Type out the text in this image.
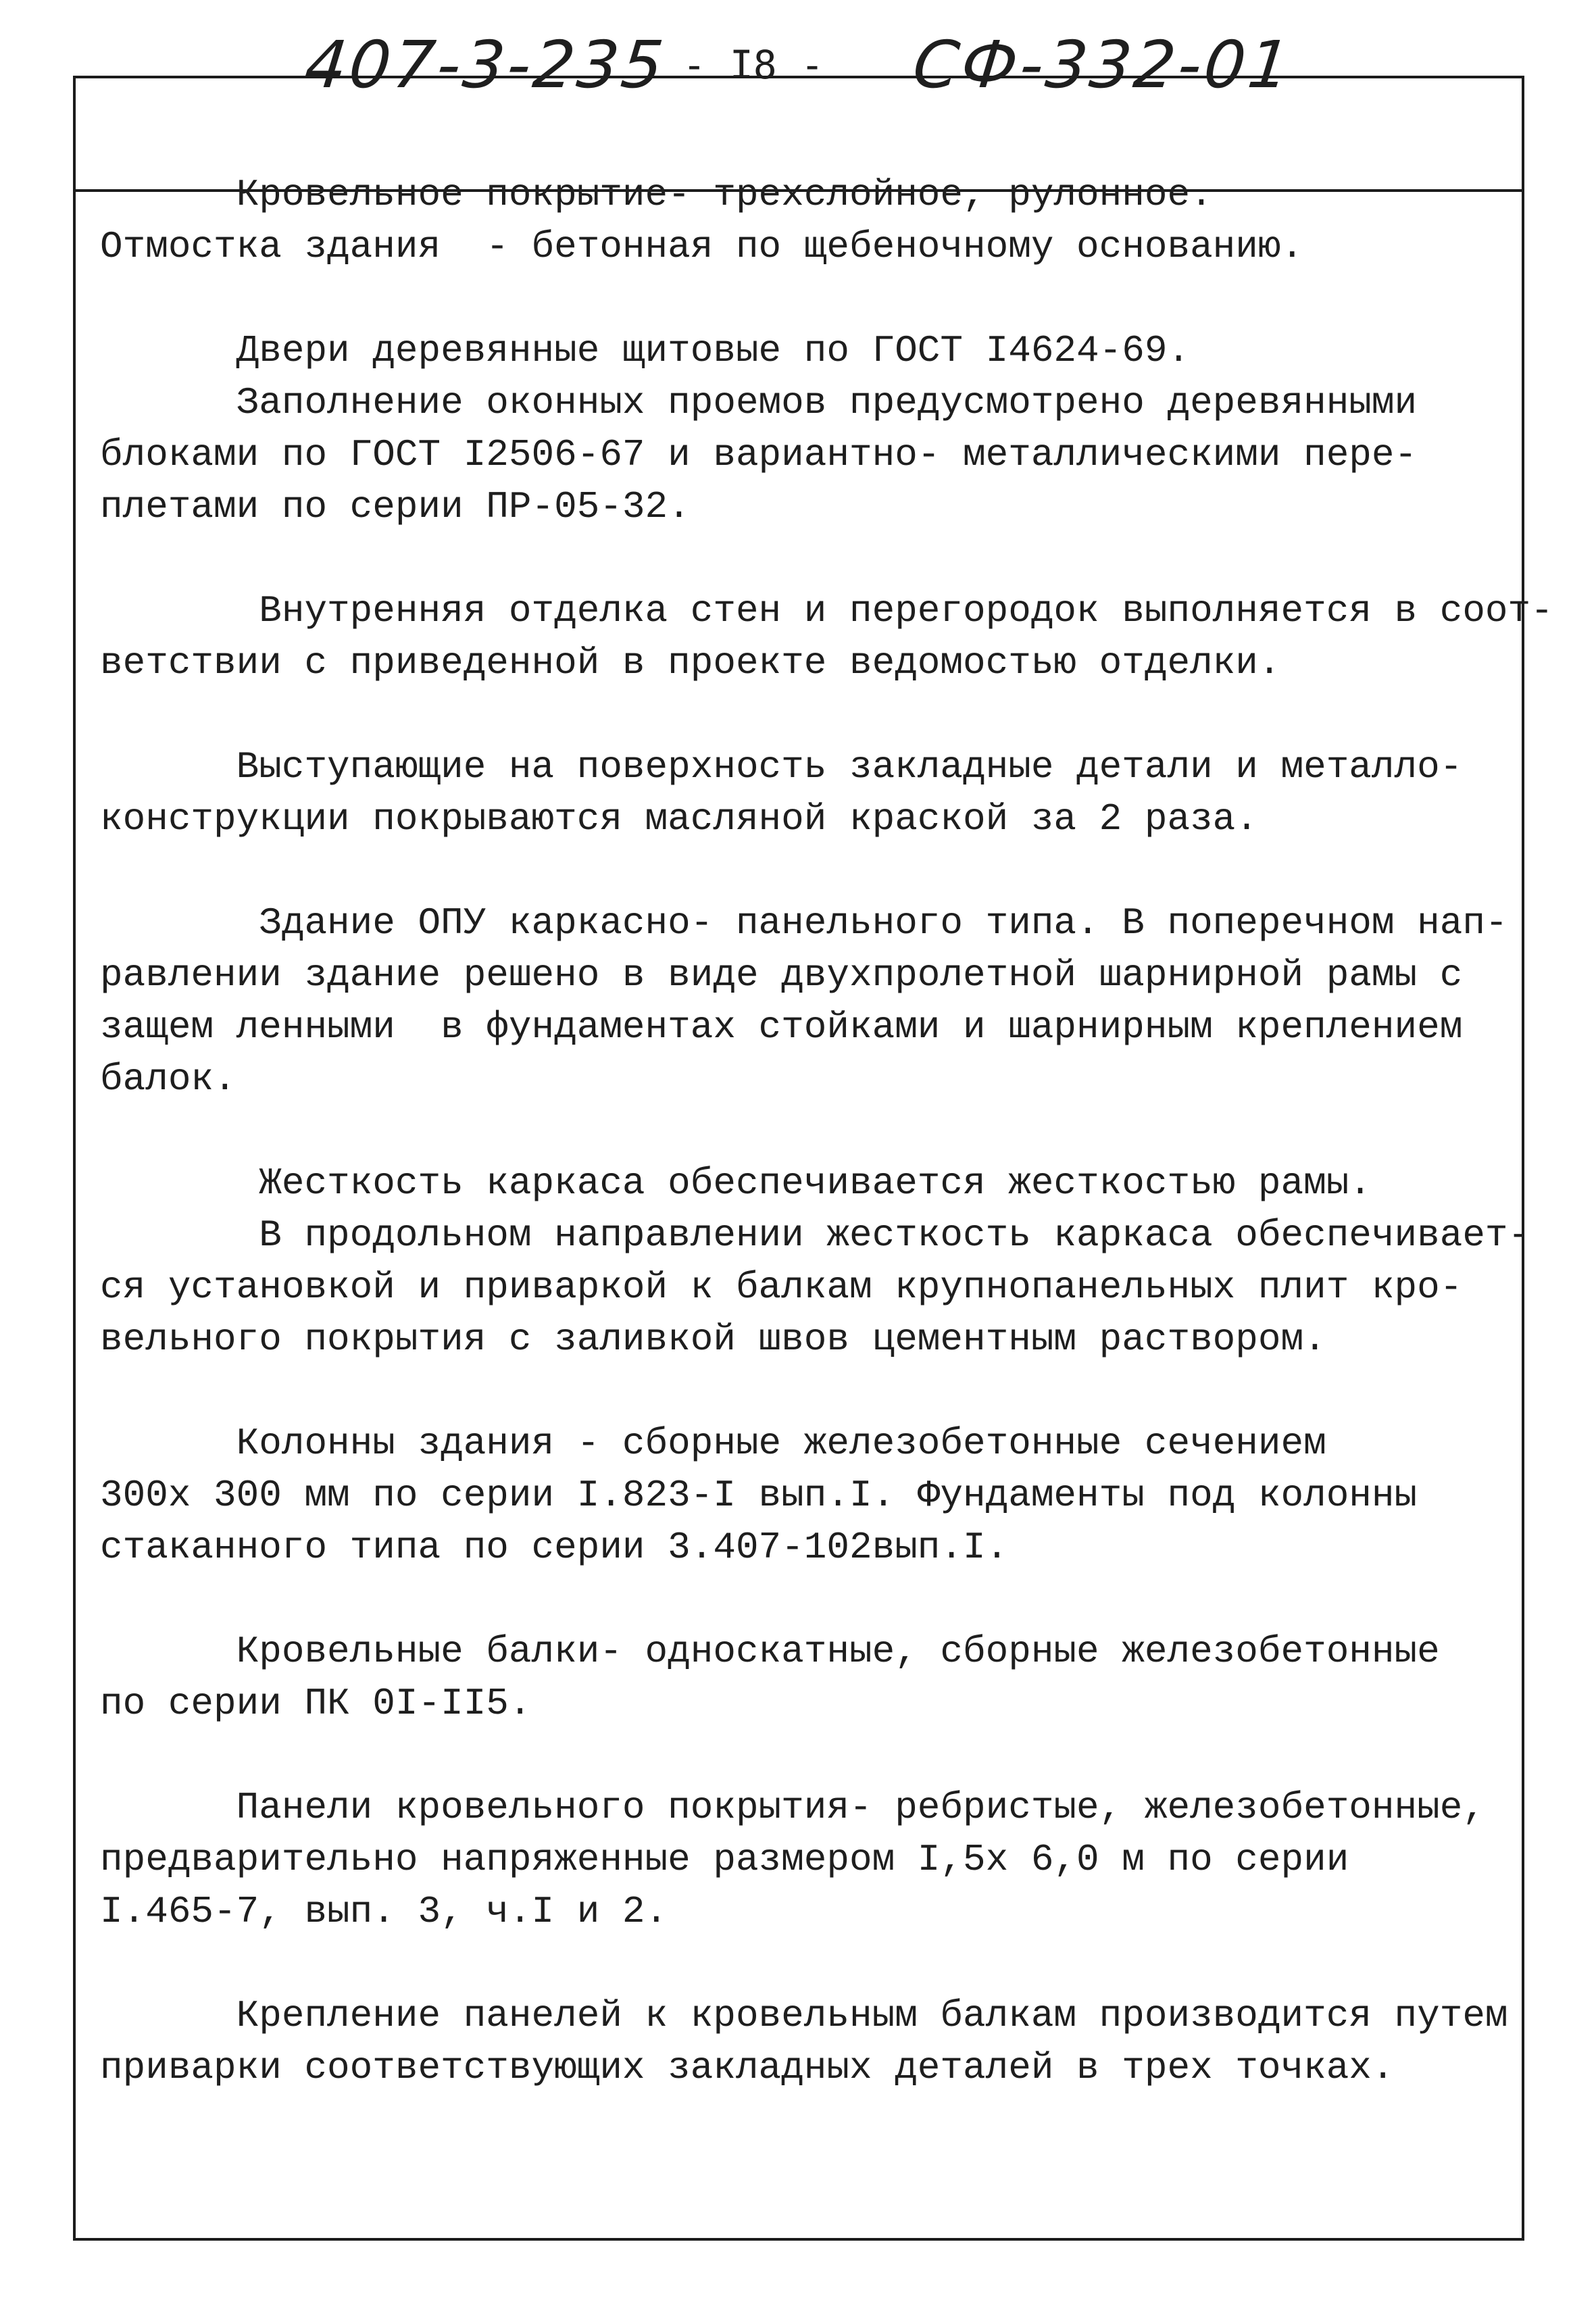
407-3-235 - I8 - СФ-332-01
Кровельное покрытие- трехслойное, рулонное.
Отмостка здания  - бетонная по щебеночному основанию.
Двери деревянные щитовые по ГОСТ I4624-69.
Заполнение оконных проемов предусмотрено деревянными
блоками по ГОСТ I2506-67 и вариантно- металлическими пере-
плетами по серии ПР-05-32.
Внутренняя отделка стен и перегородок выполняется в соот-
ветствии с приведенной в проекте ведомостью отделки.
Выступающие на поверхность закладные детали и металло-
конструкции покрываются масляной краской за 2 раза.
Здание ОПУ каркасно- панельного типа. В поперечном нап-
равлении здание решено в виде двухпролетной шарнирной рамы с
защем ленными  в фундаментах стойками и шарнирным креплением
балок.
Жесткость каркаса обеспечивается жесткостью рамы.
В продольном направлении жесткость каркаса обеспечивает-
ся установкой и приваркой к балкам крупнопанельных плит кро-
вельного покрытия с заливкой швов цементным раствором.
Колонны здания - сборные железобетонные сечением
300х 300 мм по серии I.823-I вып.I. Фундаменты под колонны
стаканного типа по серии 3.407-102вып.I.
Кровельные балки- односкатные, сборные железобетонные
по серии ПК 0I-II5.
Панели кровельного покрытия- ребристые, железобетонные,
предварительно напряженные размером I,5х 6,0 м по серии
I.465-7, вып. 3, ч.I и 2.
Крепление панелей к кровельным балкам производится путем
приварки соответствующих закладных деталей в трех точках.
